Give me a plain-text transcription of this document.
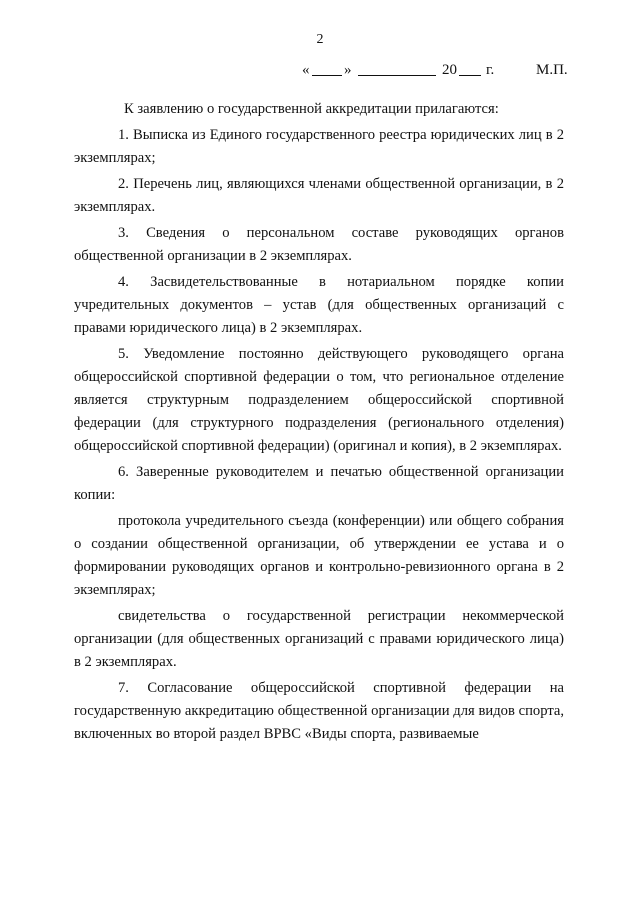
2
« »	20 г.	М.П.

К заявлению о государственной аккредитации прилагаются:

1. Выписка из Единого государственного реестра юридических лиц в 2 экземплярах;

2. Перечень лиц, являющихся членами общественной организации, в 2 экземплярах.

3. Сведения о персональном составе руководящих органов общественной организации в 2 экземплярах.

4. Засвидетельствованные в нотариальном порядке копии учредительных документов – устав (для общественных организаций с правами юридического лица) в 2 экземплярах.

5. Уведомление постоянно действующего руководящего органа общероссийской спортивной федерации о том, что региональное отделение является структурным подразделением общероссийской спортивной федерации (для структурного подразделения (регионального отделения) общероссийской спортивной федерации) (оригинал и копия), в 2 экземплярах.

6. Заверенные руководителем и печатью общественной организации копии:

протокола учредительного съезда (конференции) или общего собрания о создании общественной организации, об утверждении ее устава и о формировании руководящих органов и контрольно-ревизионного органа в 2 экземплярах;

свидетельства о государственной регистрации некоммерческой организации (для общественных организаций с правами юридического лица) в 2 экземплярах.

7. Согласование общероссийской спортивной федерации на государственную аккредитацию общественной организации для видов спорта, включенных во второй раздел ВРВС «Виды спорта, развиваемые
